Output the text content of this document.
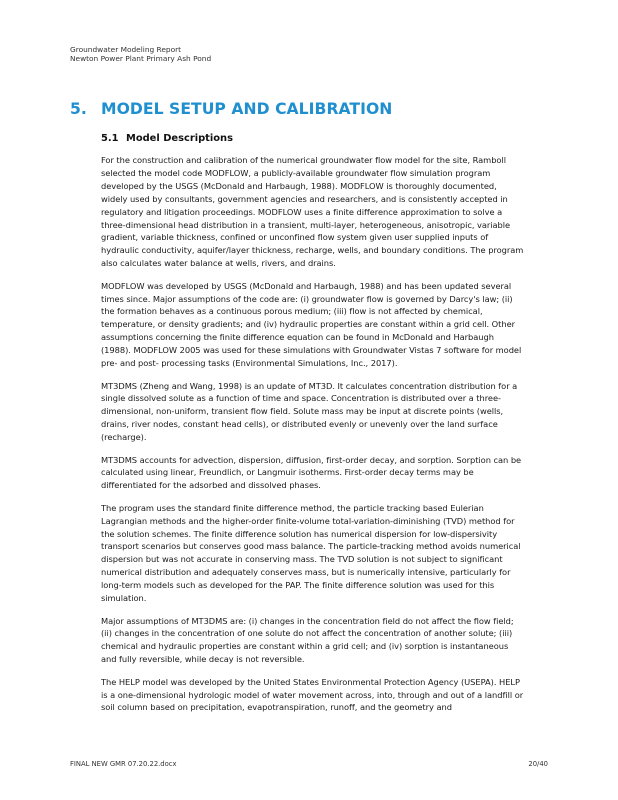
Groundwater Modeling Report
Newton Power Plant Primary Ash Pond
5. MODEL SETUP AND CALIBRATION
5.1 Model Descriptions

For the construction and calibration of the numerical groundwater flow model for the site, Ramboll selected the model code MODFLOW, a publicly-available groundwater flow simulation program developed by the USGS (McDonald and Harbaugh, 1988). MODFLOW is thoroughly documented, widely used by consultants, government agencies and researchers, and is consistently accepted in regulatory and litigation proceedings. MODFLOW uses a finite difference approximation to solve a three-dimensional head distribution in a transient, multi-layer, heterogeneous, anisotropic, variable gradient, variable thickness, confined or unconfined flow system given user supplied inputs of hydraulic conductivity, aquifer/layer thickness, recharge, wells, and boundary conditions. The program also calculates water balance at wells, rivers, and drains.

MODFLOW was developed by USGS (McDonald and Harbaugh, 1988) and has been updated several times since. Major assumptions of the code are: (i) groundwater flow is governed by Darcy's law; (ii) the formation behaves as a continuous porous medium; (iii) flow is not affected by chemical, temperature, or density gradients; and (iv) hydraulic properties are constant within a grid cell. Other assumptions concerning the finite difference equation can be found in McDonald and Harbaugh (1988). MODFLOW 2005 was used for these simulations with Groundwater Vistas 7 software for model pre- and post- processing tasks (Environmental Simulations, Inc., 2017).

MT3DMS (Zheng and Wang, 1998) is an update of MT3D. It calculates concentration distribution for a single dissolved solute as a function of time and space. Concentration is distributed over a three-dimensional, non-uniform, transient flow field. Solute mass may be input at discrete points (wells, drains, river nodes, constant head cells), or distributed evenly or unevenly over the land surface (recharge).

MT3DMS accounts for advection, dispersion, diffusion, first-order decay, and sorption. Sorption can be calculated using linear, Freundlich, or Langmuir isotherms. First-order decay terms may be differentiated for the adsorbed and dissolved phases.

The program uses the standard finite difference method, the particle tracking based Eulerian Lagrangian methods and the higher-order finite-volume total-variation-diminishing (TVD) method for the solution schemes. The finite difference solution has numerical dispersion for low-dispersivity transport scenarios but conserves good mass balance. The particle-tracking method avoids numerical dispersion but was not accurate in conserving mass. The TVD solution is not subject to significant numerical distribution and adequately conserves mass, but is numerically intensive, particularly for long-term models such as developed for the PAP. The finite difference solution was used for this simulation.

Major assumptions of MT3DMS are: (i) changes in the concentration field do not affect the flow field; (ii) changes in the concentration of one solute do not affect the concentration of another solute; (iii) chemical and hydraulic properties are constant within a grid cell; and (iv) sorption is instantaneous and fully reversible, while decay is not reversible.

The HELP model was developed by the United States Environmental Protection Agency (USEPA). HELP is a one-dimensional hydrologic model of water movement across, into, through and out of a landfill or soil column based on precipitation, evapotranspiration, runoff, and the geometry and

FINAL NEW GMR 07.20.22.docx	20/40
